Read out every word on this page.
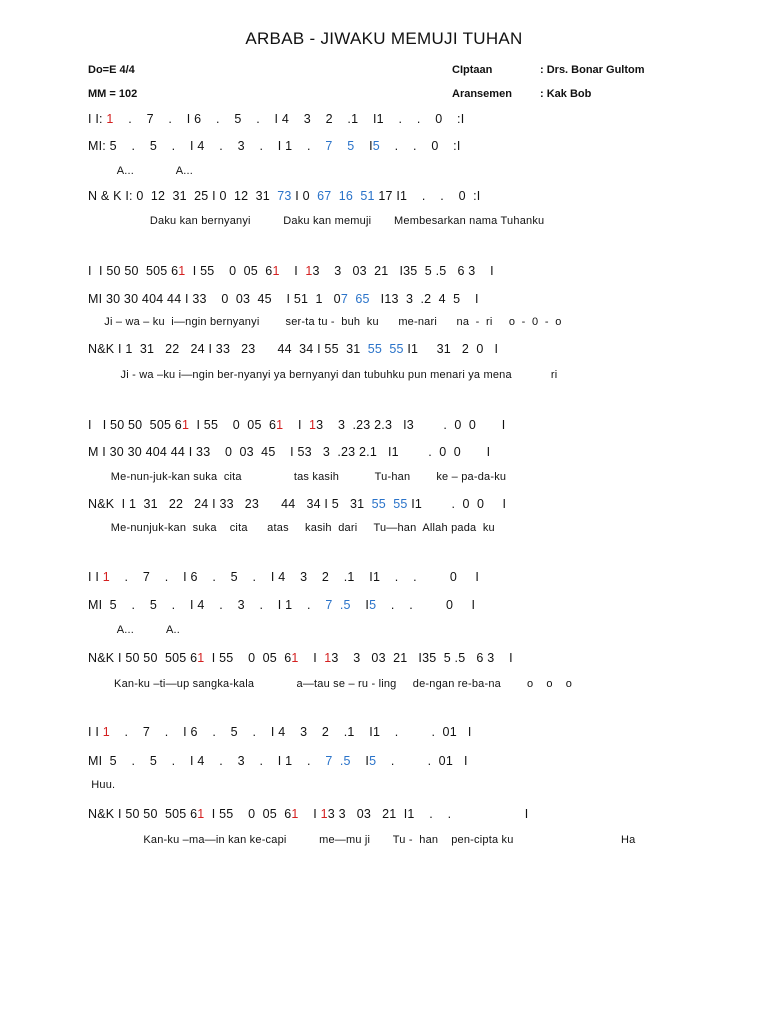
ARBAB - JIWAKU MEMUJI TUHAN
Do=E 4/4
MM = 102
CIptaan	: Drs. Bonar Gultom
Aransemen	: Kak Bob
I I: 1    .    7    .    I 6    .    5    .    I 4    3    2    .1    I1    .    .    0    :I
MI: 5    .    5    .    I 4    .    3    .    I 1    .    7 5    I5    .    .    0    :I
A...             A...
N & K I: 0  12  31  25 I 0  12  31  73 I 0  67  16  51 17 I1    .    .    0  :I
Daku kan bernyanyi          Daku kan memuji       Membesarkan nama Tuhanku
I  I 50 50  505 61  I 55    0  05  61    I  13    3   03  21   I35  5 .5   6 3    I
MI 30 30 404 44 I 33    0  03  45    I 51  1   07  65   I13  3  .2  4  5    I
Ji – wa – ku  i—ngin bernyanyi        ser-ta tu -  buh  ku      me-nari      na  -  ri     o  -  0  -  o
N&K I 1  31   22   24 I 33   23      44  34 I 55  31  55  55 I1     31   2  0   I
Ji - wa –ku i—ngin ber-nyanyi ya bernyanyi dan tubuhku pun menari ya mena            ri
I   I 50 50  505 61  I 55    0  05  61    I  13    3  .23 2.3   I3        .  0  0       I
M I 30 30 404 44 I 33    0  03  45    I 53   3  .23 2.1   I1        .  0  0       I
Me-nun-juk-kan suka  cita                tas kasih           Tu-han        ke – pa-da-ku
N&K  I 1  31   22   24 I 33   23      44   34 I 5   31  55  55 I1        .  0  0     I
Me-nunjuk-kan  suka    cita      atas     kasih  dari     Tu—han  Allah pada  ku
I I 1    .    7    .    I 6    .    5    .    I 4    3    2    .1    I1    .    .         0     I
MI  5    .    5    .    I 4    .    3    .    I 1    .    7  .5    I5    .    .         0     I
A...          A..
N&K I 50 50  505 61  I 55    0  05  61    I  13    3   03  21   I35  5 .5   6 3    I
Kan-ku –ti—up sangka-kala             a—tau se – ru - ling     de-ngan re-ba-na        o    o    o
I I 1    .    7    .    I 6    .    5    .    I 4    3    2    .1    I1    .         .  01   I
MI  5    .    5    .    I 4    .    3    .    I 1    .    7  .5    I5    .         .  01   I
Huu.
N&K I 50 50  505 61  I 55    0  05  61    I 13 3   03   21  I1    .    .                    I
Kan-ku –ma—in kan ke-capi          me—mu ji       Tu -  han    pen-cipta ku                                 Ha
